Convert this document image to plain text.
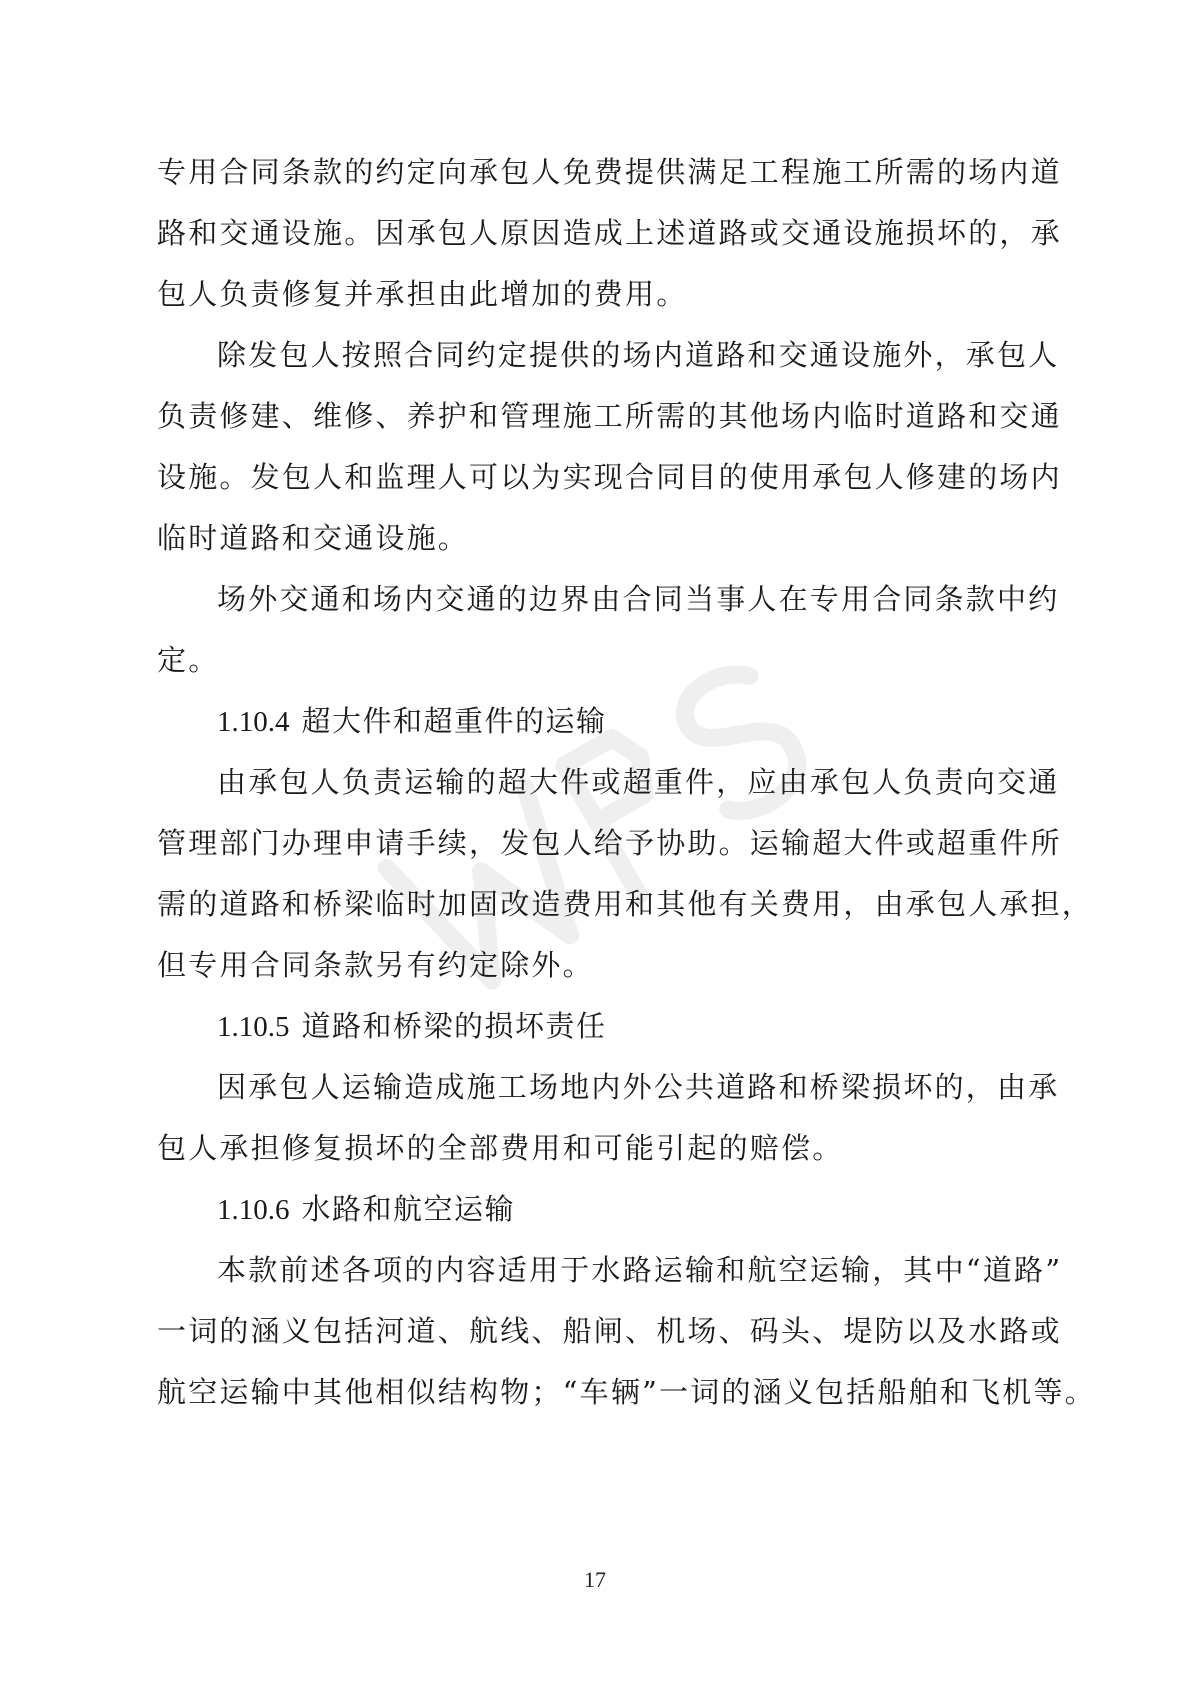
专用合同条款的约定向承包人免费提供满足工程施工所需的场内道
路和交通设施。因承包人原因造成上述道路或交通设施损坏的，承
包人负责修复并承担由此增加的费用。
除发包人按照合同约定提供的场内道路和交通设施外，承包人
负责修建、维修、养护和管理施工所需的其他场内临时道路和交通
设施。发包人和监理人可以为实现合同目的使用承包人修建的场内
临时道路和交通设施。
场外交通和场内交通的边界由合同当事人在专用合同条款中约
定。
1.10.4 超大件和超重件的运输
由承包人负责运输的超大件或超重件，应由承包人负责向交通
管理部门办理申请手续，发包人给予协助。运输超大件或超重件所
需的道路和桥梁临时加固改造费用和其他有关费用，由承包人承担，
但专用合同条款另有约定除外。
1.10.5 道路和桥梁的损坏责任
因承包人运输造成施工场地内外公共道路和桥梁损坏的，由承
包人承担修复损坏的全部费用和可能引起的赔偿。
1.10.6 水路和航空运输
本款前述各项的内容适用于水路运输和航空运输，其中“道路”
一词的涵义包括河道、航线、船闸、机场、码头、堤防以及水路或
航空运输中其他相似结构物；“车辆”一词的涵义包括船舶和飞机等。
17
